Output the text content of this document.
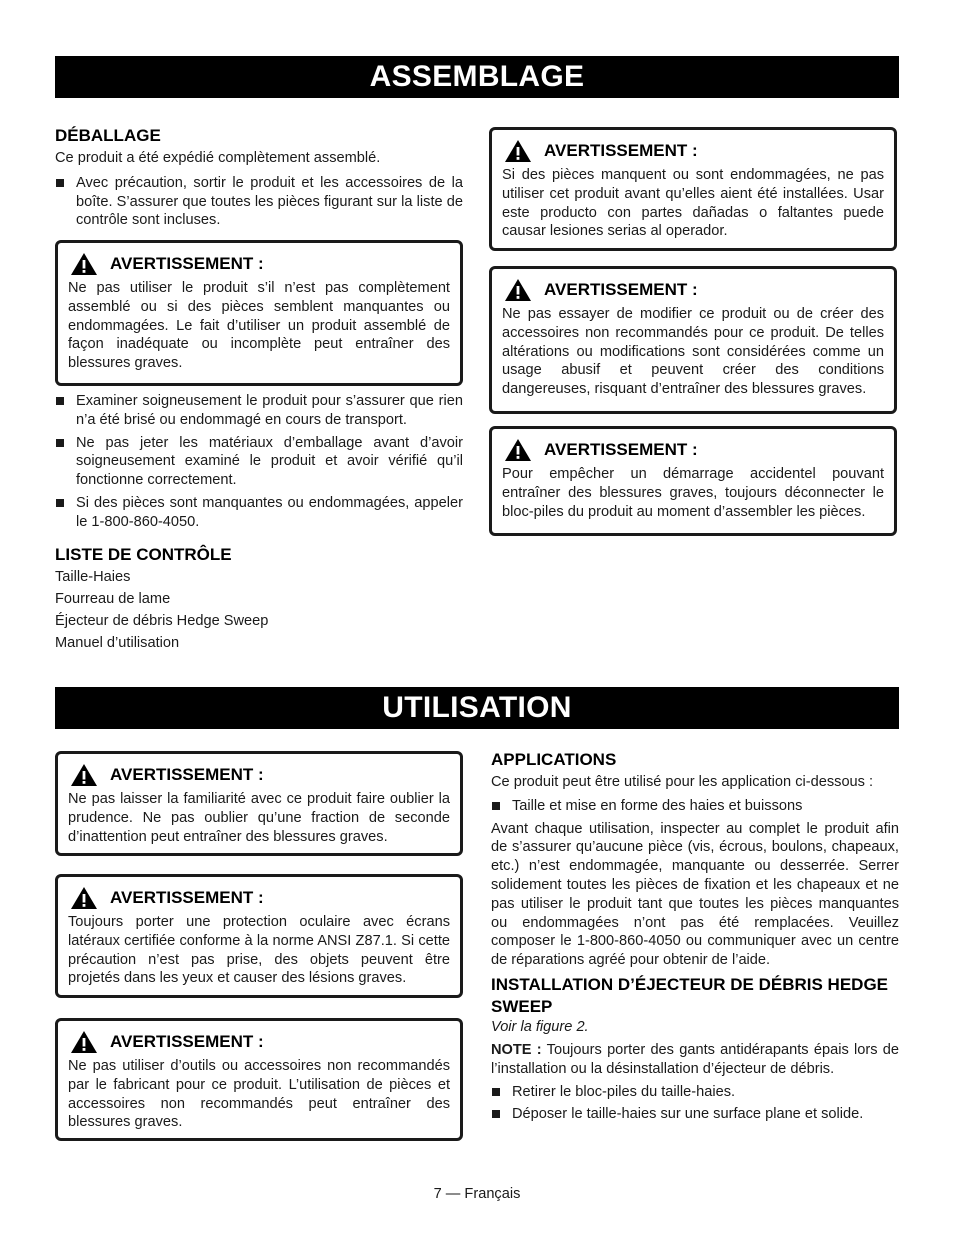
ASSEMBLAGE

DÉBALLAGE

Ce produit a été expédié complètement assemblé.

Avec précaution, sortir le produit et les accessoires de la boîte. S’assurer que toutes les pièces figurant sur la liste de contrôle sont incluses.
AVERTISSEMENT :

Ne pas utiliser le produit s’il n’est pas complètement assemblé ou si des pièces semblent manquantes ou endommagées. Le fait d’utiliser un produit assemblé de façon inadéquate ou incomplète peut entraîner des blessures graves.

Examiner soigneusement le produit pour s’assurer que rien n’a été brisé ou endommagé en cours de transport.
Ne pas jeter les matériaux d’emballage avant d’avoir soigneusement examiné le produit et avoir vérifié qu’il fonctionne correctement.
Si des pièces sont manquantes ou endommagées, appeler le 1-800-860-4050.

LISTE DE CONTRÔLE

Taille-Haies

Fourreau de lame

Éjecteur de débris Hedge Sweep

Manuel d’utilisation

AVERTISSEMENT :

Si des pièces manquent ou sont endommagées, ne pas utiliser cet produit avant qu’elles aient été installées. Usar este producto con partes dañadas o faltantes puede causar lesiones serias al operador.

AVERTISSEMENT :

Ne pas essayer de modifier ce produit ou de créer des accessoires non recommandés pour ce produit. De telles altérations ou modifications sont considérées comme un usage abusif et peuvent créer des conditions dangereuses, risquant d’entraîner des blessures graves.

AVERTISSEMENT :

Pour empêcher un démarrage accidentel pouvant entraîner des blessures graves, toujours déconnecter le bloc-piles du produit au moment d’assembler les pièces.

UTILISATION
AVERTISSEMENT :

Ne pas laisser la familiarité avec ce produit faire oublier la prudence. Ne pas oublier qu’une fraction de seconde d’inattention peut entraîner des blessures graves.

AVERTISSEMENT :

Toujours porter une protection oculaire avec écrans latéraux certifiée conforme à la norme ANSI Z87.1. Si cette précaution n’est pas prise, des objets peuvent être projetés dans les yeux et causer des lésions graves.

AVERTISSEMENT :

Ne pas utiliser d’outils ou accessoires non recommandés par le fabricant pour ce produit. L’utilisation de pièces et accessoires non recommandés peut entraîner des blessures graves.

APPLICATIONS

Ce produit peut être utilisé pour les application ci-dessous :

Taille et mise en forme des haies et buissons

Avant chaque utilisation, inspecter au complet le produit afin de s’assurer qu’aucune pièce (vis, écrous, boulons, chapeaux, etc.) n’est endommagée, manquante ou desserrée. Serrer solidement toutes les pièces de fixation et les chapeaux et ne pas utiliser le produit tant que toutes les pièces manquantes ou endommagées n’ont pas été remplacées. Veuillez composer le 1-800-860-4050 ou communiquer avec un centre de réparations agréé pour obtenir de l’aide.

INSTALLATION D’ÉJECTEUR DE DÉBRIS HEDGE SWEEP

Voir la figure 2.

NOTE : Toujours porter des gants antidérapants épais lors de l’installation ou la désinstallation d’éjecteur de débris.

Retirer le bloc-piles du taille-haies.
Déposer le taille-haies sur une surface plane et solide.
7 — Français
